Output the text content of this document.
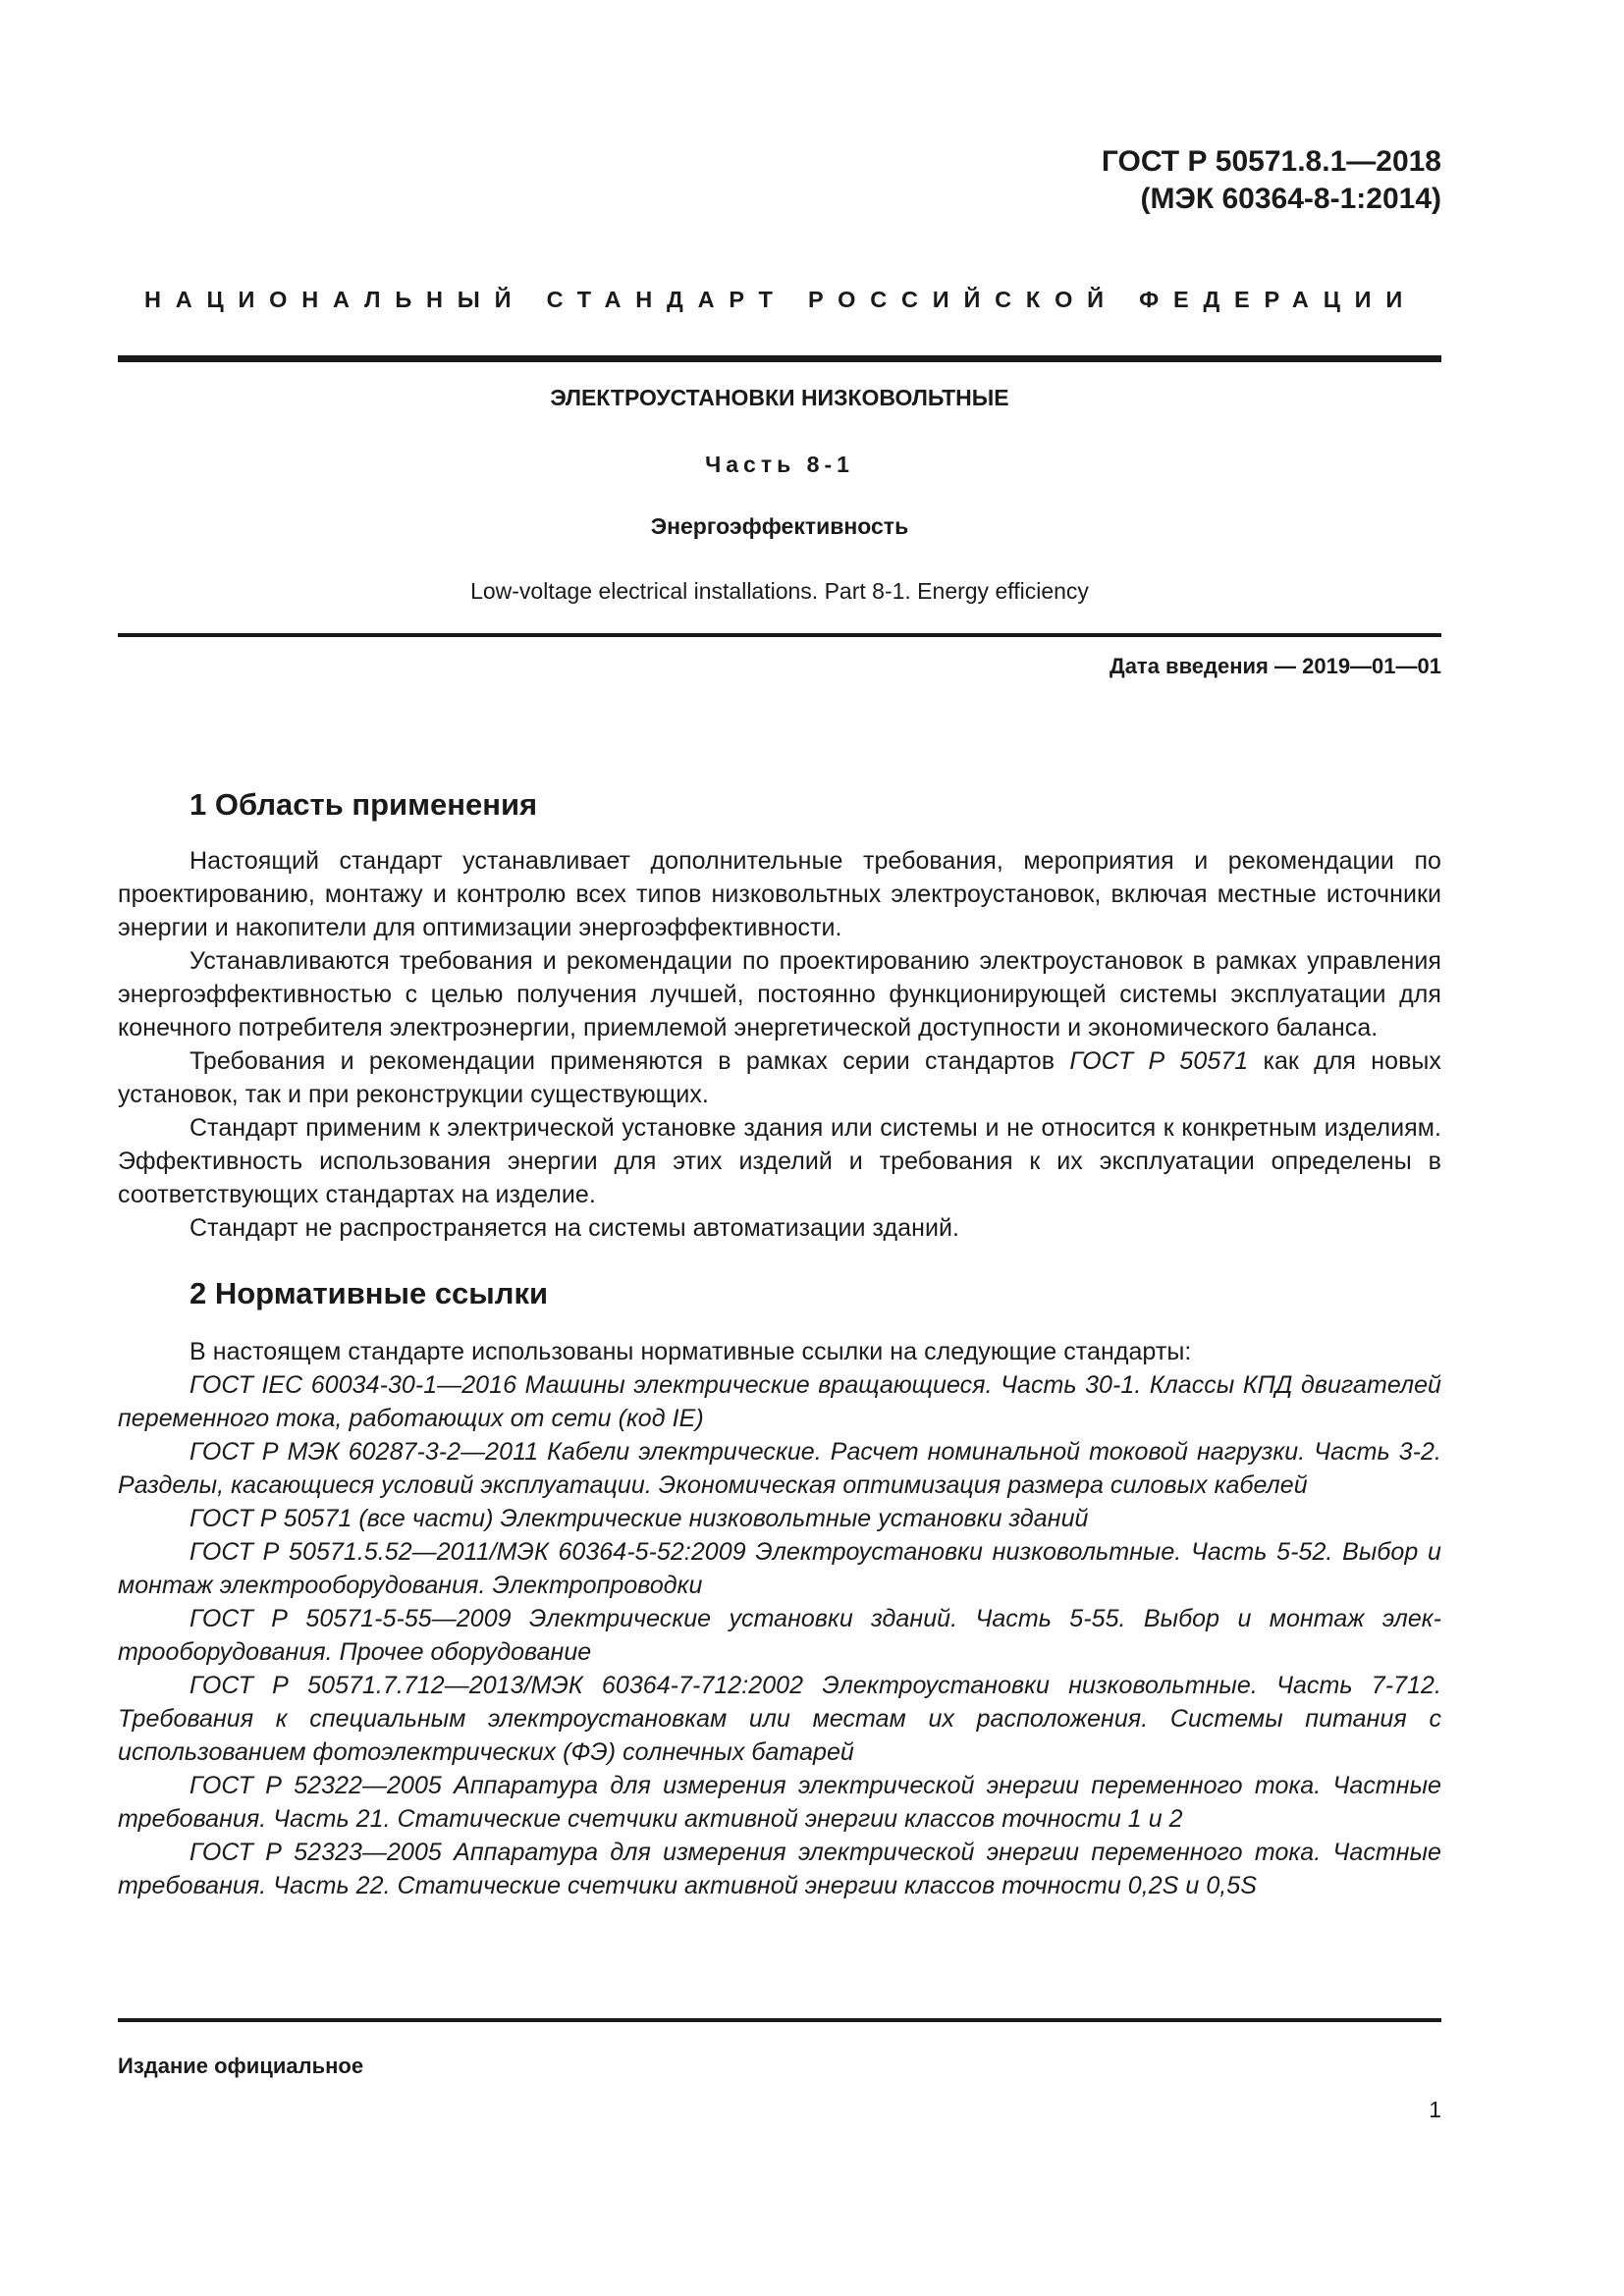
ГОСТ Р 50571.8.1—2018
(МЭК 60364-8-1:2014)
НАЦИОНАЛЬНЫЙ СТАНДАРТ РОССИЙСКОЙ ФЕДЕРАЦИИ
ЭЛЕКТРОУСТАНОВКИ НИЗКОВОЛЬТНЫЕ
Часть 8-1
Энергоэффективность
Low-voltage electrical installations. Part 8-1. Energy efficiency
Дата введения — 2019—01—01
1 Область применения

Настоящий стандарт устанавливает дополнительные требования, мероприятия и рекомендации по проектированию, монтажу и контролю всех типов низковольтных электроустановок, включая местные источники энергии и накопители для оптимизации энергоэффективности.

Устанавливаются требования и рекомендации по проектированию электроустановок в рамках управления энергоэффективностью с целью получения лучшей, постоянно функционирующей системы эксплуатации для конечного потребителя электроэнергии, приемлемой энергетической доступности и экономического баланса.

Требования и рекомендации применяются в рамках серии стандартов ГОСТ Р 50571 как для новых установок, так и при реконструкции существующих.

Стандарт применим к электрической установке здания или системы и не относится к конкретным изделиям. Эффективность использования энергии для этих изделий и требования к их эксплуатации определены в соответствующих стандартах на изделие.

Стандарт не распространяется на системы автоматизации зданий.

2 Нормативные ссылки

В настоящем стандарте использованы нормативные ссылки на следующие стандарты:

ГОСТ IEC 60034-30-1—2016 Машины электрические вращающиеся. Часть 30-1. Классы КПД двигателей переменного тока, работающих от сети (код IE)

ГОСТ Р МЭК 60287-3-2—2011 Кабели электрические. Расчет номинальной токовой нагрузки. Часть 3-2. Разделы, касающиеся условий эксплуатации. Экономическая оптимизация размера силовых кабелей

ГОСТ Р 50571 (все части) Электрические низковольтные установки зданий

ГОСТ Р 50571.5.52—2011/МЭК 60364-5-52:2009 Электроустановки низковольтные. Часть 5-52. Выбор и монтаж электрооборудования. Электропроводки

ГОСТ Р 50571-5-55—2009 Электрические установки зданий. Часть 5-55. Выбор и монтаж электрооборудования. Прочее оборудование

ГОСТ Р 50571.7.712—2013/МЭК 60364-7-712:2002 Электроустановки низковольтные. Часть 7-712. Требования к специальным электроустановкам или местам их расположения. Системы питания с использованием фотоэлектрических (ФЭ) солнечных батарей

ГОСТ Р 52322—2005 Аппаратура для измерения электрической энергии переменного тока. Частные требования. Часть 21. Статические счетчики активной энергии классов точности 1 и 2

ГОСТ Р 52323—2005 Аппаратура для измерения электрической энергии переменного тока. Частные требования. Часть 22. Статические счетчики активной энергии классов точности 0,2S и 0,5S

Издание официальное
1
